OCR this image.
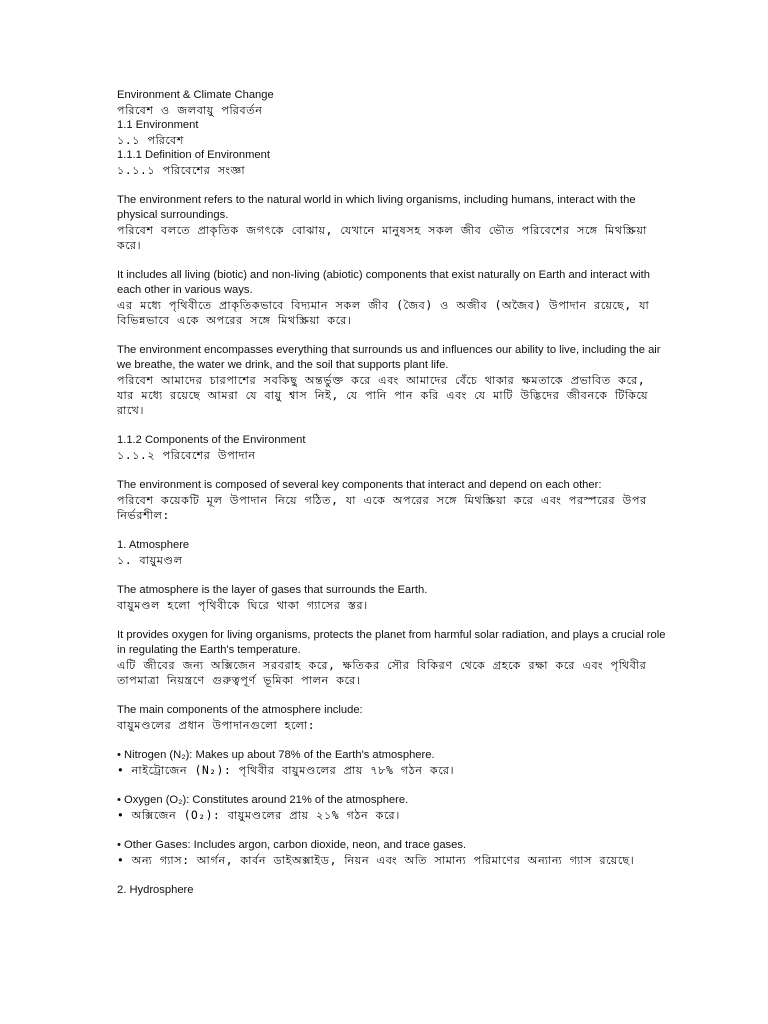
Environment & Climate Change

পরিবেশ ও জলবায়ু পরিবর্তন

1.1 Environment

১.১ পরিবেশ

1.1.1 Definition of Environment

১.১.১ পরিবেশের সংজ্ঞা

The environment refers to the natural world in which living organisms, including humans, interact with the physical surroundings.

পরিবেশ বলতে প্রাকৃতিক জগৎকে বোঝায়, যেখানে মানুষসহ সকল জীব ভৌত পরিবেশের সঙ্গে মিথস্ক্রিয়া করে।

It includes all living (biotic) and non-living (abiotic) components that exist naturally on Earth and interact with each other in various ways.

এর মধ্যে পৃথিবীতে প্রাকৃতিকভাবে বিদ্যমান সকল জীব (জৈব) ও অজীব (অজৈব) উপাদান রয়েছে, যা বিভিন্নভাবে একে অপরের সঙ্গে মিথস্ক্রিয়া করে।

The environment encompasses everything that surrounds us and influences our ability to live, including the air we breathe, the water we drink, and the soil that supports plant life.

পরিবেশ আমাদের চারপাশের সবকিছু অন্তর্ভুক্ত করে এবং আমাদের বেঁচে থাকার ক্ষমতাকে প্রভাবিত করে, যার মধ্যে রয়েছে আমরা যে বায়ু শ্বাস নিই, যে পানি পান করি এবং যে মাটি উদ্ভিদের জীবনকে টিকিয়ে রাখে।

1.1.2 Components of the Environment

১.১.২ পরিবেশের উপাদান

The environment is composed of several key components that interact and depend on each other:

পরিবেশ কয়েকটি মূল উপাদান নিয়ে গঠিত, যা একে অপরের সঙ্গে মিথস্ক্রিয়া করে এবং পরস্পরের উপর নির্ভরশীল:

1. Atmosphere

১. বায়ুমণ্ডল

The atmosphere is the layer of gases that surrounds the Earth.

বায়ুমণ্ডল হলো পৃথিবীকে ঘিরে থাকা গ্যাসের স্তর।

It provides oxygen for living organisms, protects the planet from harmful solar radiation, and plays a crucial role in regulating the Earth's temperature.

এটি জীবের জন্য অক্সিজেন সরবরাহ করে, ক্ষতিকর সৌর বিকিরণ থেকে গ্রহকে রক্ষা করে এবং পৃথিবীর তাপমাত্রা নিয়ন্ত্রণে গুরুত্বপূর্ণ ভূমিকা পালন করে।

The main components of the atmosphere include:

বায়ুমণ্ডলের প্রধান উপাদানগুলো হলো:

• Nitrogen (N₂): Makes up about 78% of the Earth's atmosphere.

• নাইট্রোজেন (N₂): পৃথিবীর বায়ুমণ্ডলের প্রায় ৭৮% গঠন করে।

• Oxygen (O₂): Constitutes around 21% of the atmosphere.

• অক্সিজেন (O₂): বায়ুমণ্ডলের প্রায় ২১% গঠন করে।

• Other Gases: Includes argon, carbon dioxide, neon, and trace gases.

• অন্য গ্যাস: আর্গন, কার্বন ডাইঅক্সাইড, নিয়ন এবং অতি সামান্য পরিমাণের অন্যান্য গ্যাস রয়েছে।

2. Hydrosphere
